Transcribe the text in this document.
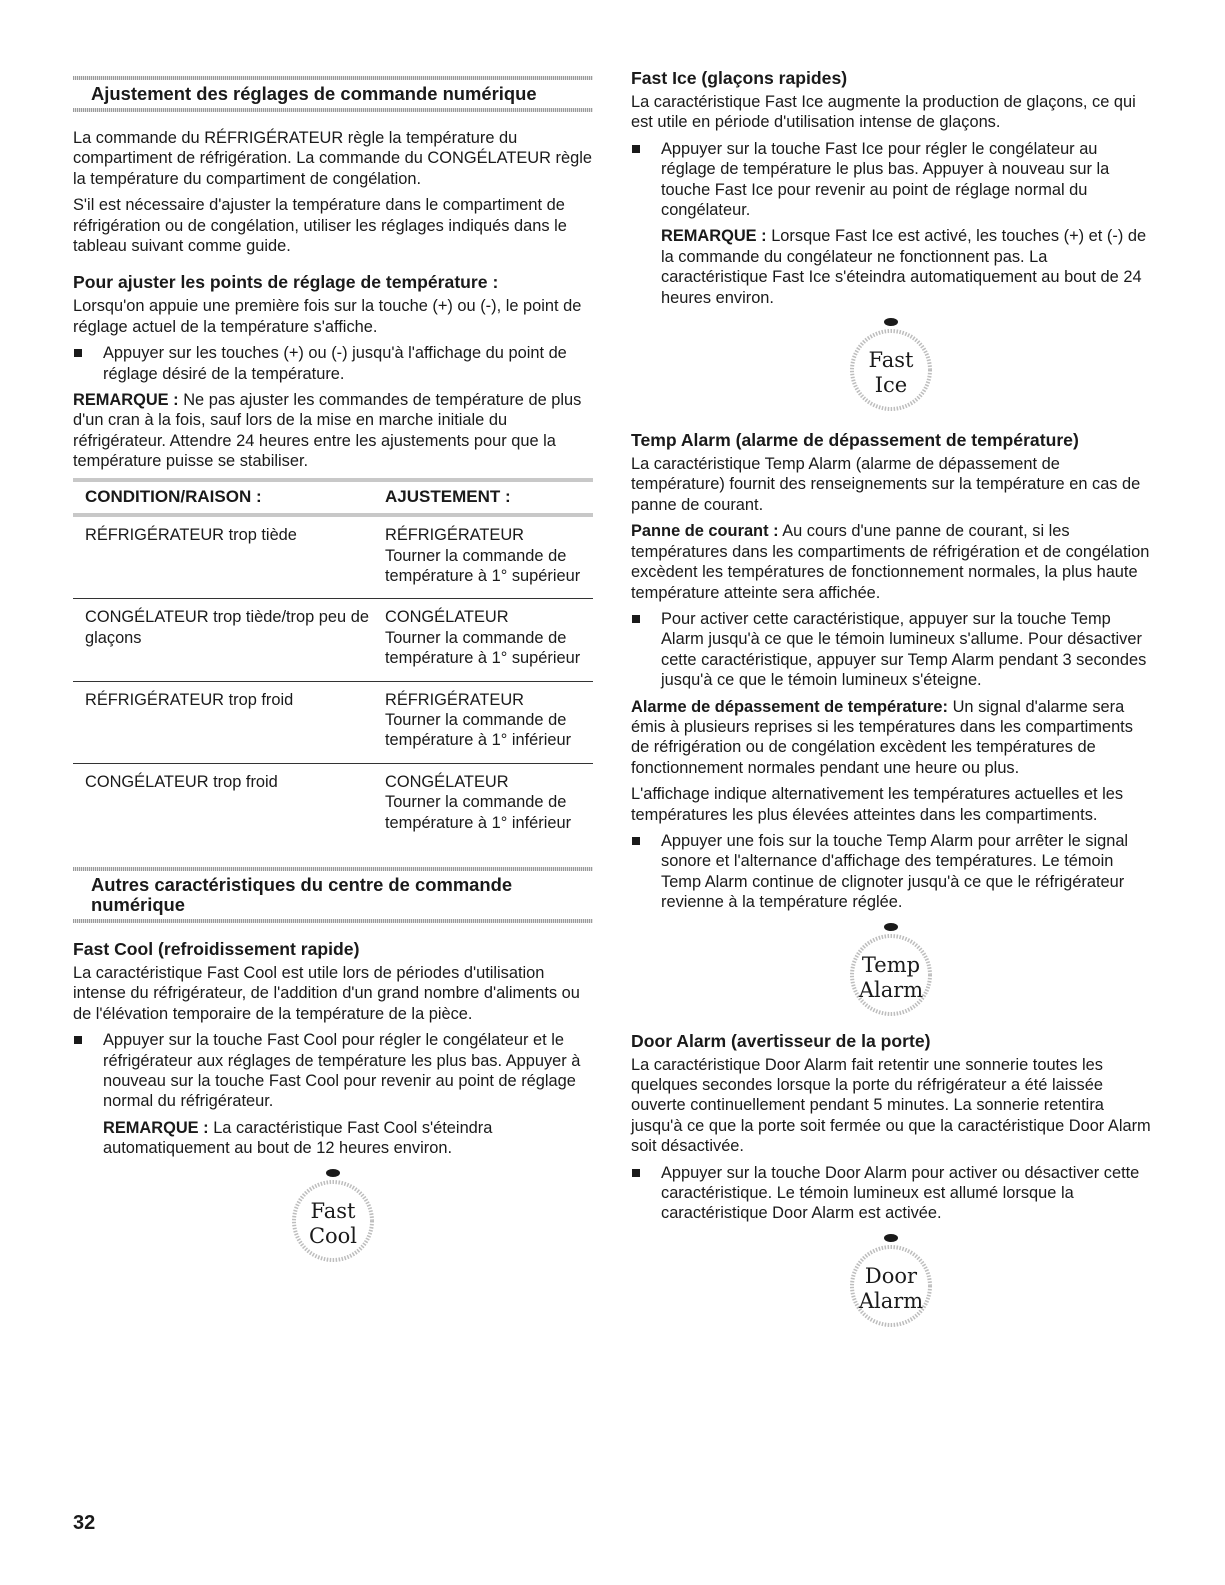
Ajustement des réglages de commande numérique

La commande du RÉFRIGÉRATEUR règle la température du compartiment de réfrigération. La commande du CONGÉLATEUR règle la température du compartiment de congélation.

S'il est nécessaire d'ajuster la température dans le compartiment de réfrigération ou de congélation, utiliser les réglages indiqués dans le tableau suivant comme guide.

Pour ajuster les points de réglage de température :

Lorsqu'on appuie une première fois sur la touche (+) ou (-), le point de réglage actuel de la température s'affiche.

Appuyer sur les touches (+) ou (-) jusqu'à l'affichage du point de réglage désiré de la température.

REMARQUE : Ne pas ajuster les commandes de température de plus d'un cran à la fois, sauf lors de la mise en marche initiale du réfrigérateur. Attendre 24 heures entre les ajustements pour que la température puisse se stabiliser.

CONDITION/RAISON :	AJUSTEMENT :
RÉFRIGÉRATEUR trop tiède	RÉFRIGÉRATEUR
Tourner la commande de température à 1° supérieur

CONGÉLATEUR trop tiède/trop peu de glaçons	CONGÉLATEUR
Tourner la commande de température à 1° supérieur

RÉFRIGÉRATEUR trop froid	RÉFRIGÉRATEUR
Tourner la commande de température à 1° inférieur

CONGÉLATEUR trop froid	CONGÉLATEUR
Tourner la commande de température à 1° inférieur
Autres caractéristiques du centre de commande numérique
Fast Cool (refroidissement rapide)

La caractéristique Fast Cool est utile lors de périodes d'utilisation intense du réfrigérateur, de l'addition d'un grand nombre d'aliments ou de l'élévation temporaire de la température de la pièce.

Appuyer sur la touche Fast Cool pour régler le congélateur et le réfrigérateur aux réglages de température les plus bas. Appuyer à nouveau sur la touche Fast Cool pour revenir au point de réglage normal du réfrigérateur.

REMARQUE : La caractéristique Fast Cool s'éteindra automatiquement au bout de 12 heures environ.

Fast
Cool
Fast Ice (glaçons rapides)

La caractéristique Fast Ice augmente la production de glaçons, ce qui est utile en période d'utilisation intense de glaçons.

Appuyer sur la touche Fast Ice pour régler le congélateur au réglage de température le plus bas. Appuyer à nouveau sur la touche Fast Ice pour revenir au point de réglage normal du congélateur.

REMARQUE : Lorsque Fast Ice est activé, les touches (+) et (-) de la commande du congélateur ne fonctionnent pas. La caractéristique Fast Ice s'éteindra automatiquement au bout de 24 heures environ.

Fast
Ice
Temp Alarm (alarme de dépassement de température)

La caractéristique Temp Alarm (alarme de dépassement de température) fournit des renseignements sur la température en cas de panne de courant.

Panne de courant : Au cours d'une panne de courant, si les températures dans les compartiments de réfrigération et de congélation excèdent les températures de fonctionnement normales, la plus haute température atteinte sera affichée.

Pour activer cette caractéristique, appuyer sur la touche Temp Alarm jusqu'à ce que le témoin lumineux s'allume. Pour désactiver cette caractéristique, appuyer sur Temp Alarm pendant 3 secondes jusqu'à ce que le témoin lumineux s'éteigne.

Alarme de dépassement de température: Un signal d'alarme sera émis à plusieurs reprises si les températures dans les compartiments de réfrigération ou de congélation excèdent les températures de fonctionnement normales pendant une heure ou plus.

L'affichage indique alternativement les températures actuelles et les températures les plus élevées atteintes dans les compartiments.

Appuyer une fois sur la touche Temp Alarm pour arrêter le signal sonore et l'alternance d'affichage des températures. Le témoin Temp Alarm continue de clignoter jusqu'à ce que le réfrigérateur revienne à la température réglée.
Temp
Alarm
Door Alarm (avertisseur de la porte)

La caractéristique Door Alarm fait retentir une sonnerie toutes les quelques secondes lorsque la porte du réfrigérateur a été laissée ouverte continuellement pendant 5 minutes. La sonnerie retentira jusqu'à ce que la porte soit fermée ou que la caractéristique Door Alarm soit désactivée.

Appuyer sur la touche Door Alarm pour activer ou désactiver cette caractéristique. Le témoin lumineux est allumé lorsque la caractéristique Door Alarm est activée.
Door
Alarm
32
